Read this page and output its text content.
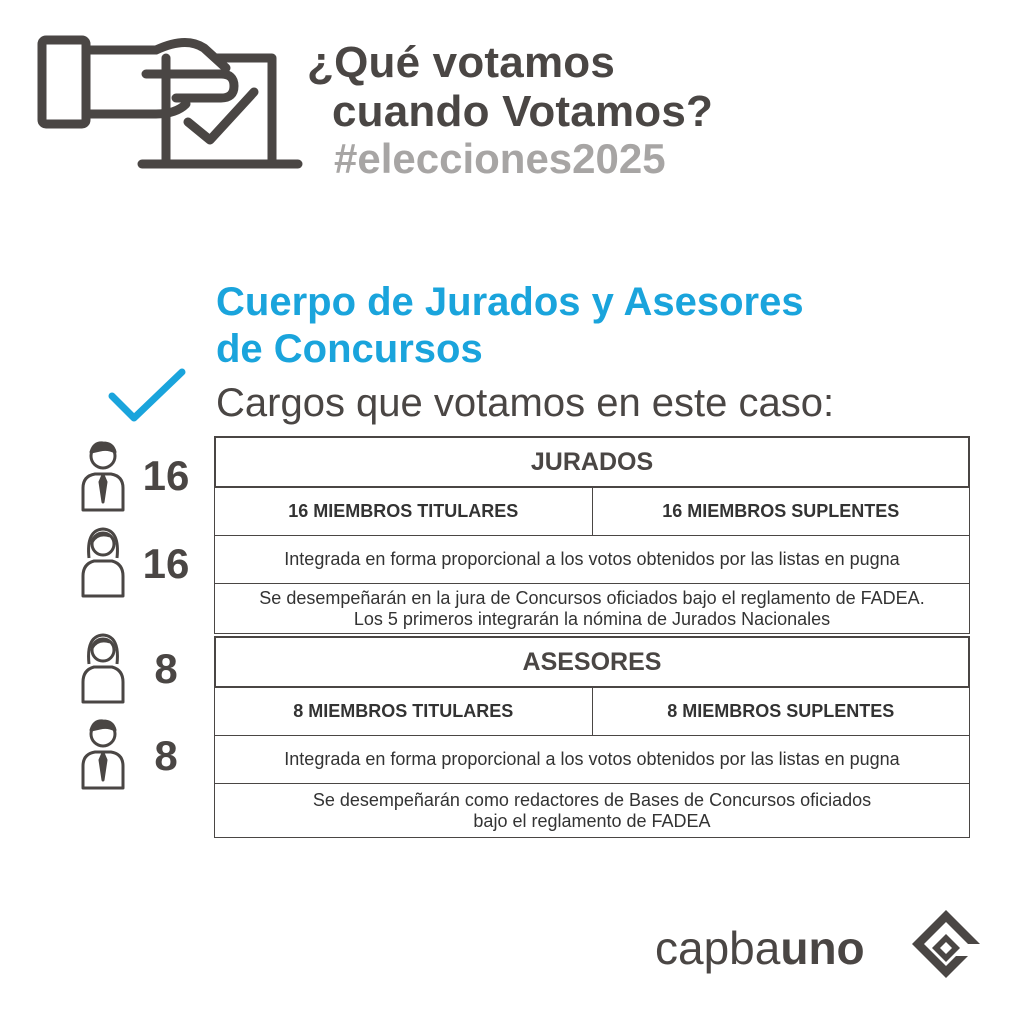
¿Qué votamos
cuando Votamos?
#elecciones2025
Cuerpo de Jurados y Asesores
de Concursos
Cargos que votamos en este caso:
16
16
8
8
JURADOS
16 MIEMBROS TITULARES	16 MIEMBROS SUPLENTES
Integrada en forma proporcional a los votos obtenidos por las listas en pugna
Se desempeñarán en la jura de Concursos oficiados bajo el reglamento de FADEA.
Los 5 primeros integrarán la nómina de Jurados Nacionales
ASESORES
8 MIEMBROS TITULARES	8 MIEMBROS SUPLENTES
Integrada en forma proporcional a los votos obtenidos por las listas en pugna
Se desempeñarán como redactores de Bases de Concursos oficiados
bajo el reglamento de FADEA
capba uno
